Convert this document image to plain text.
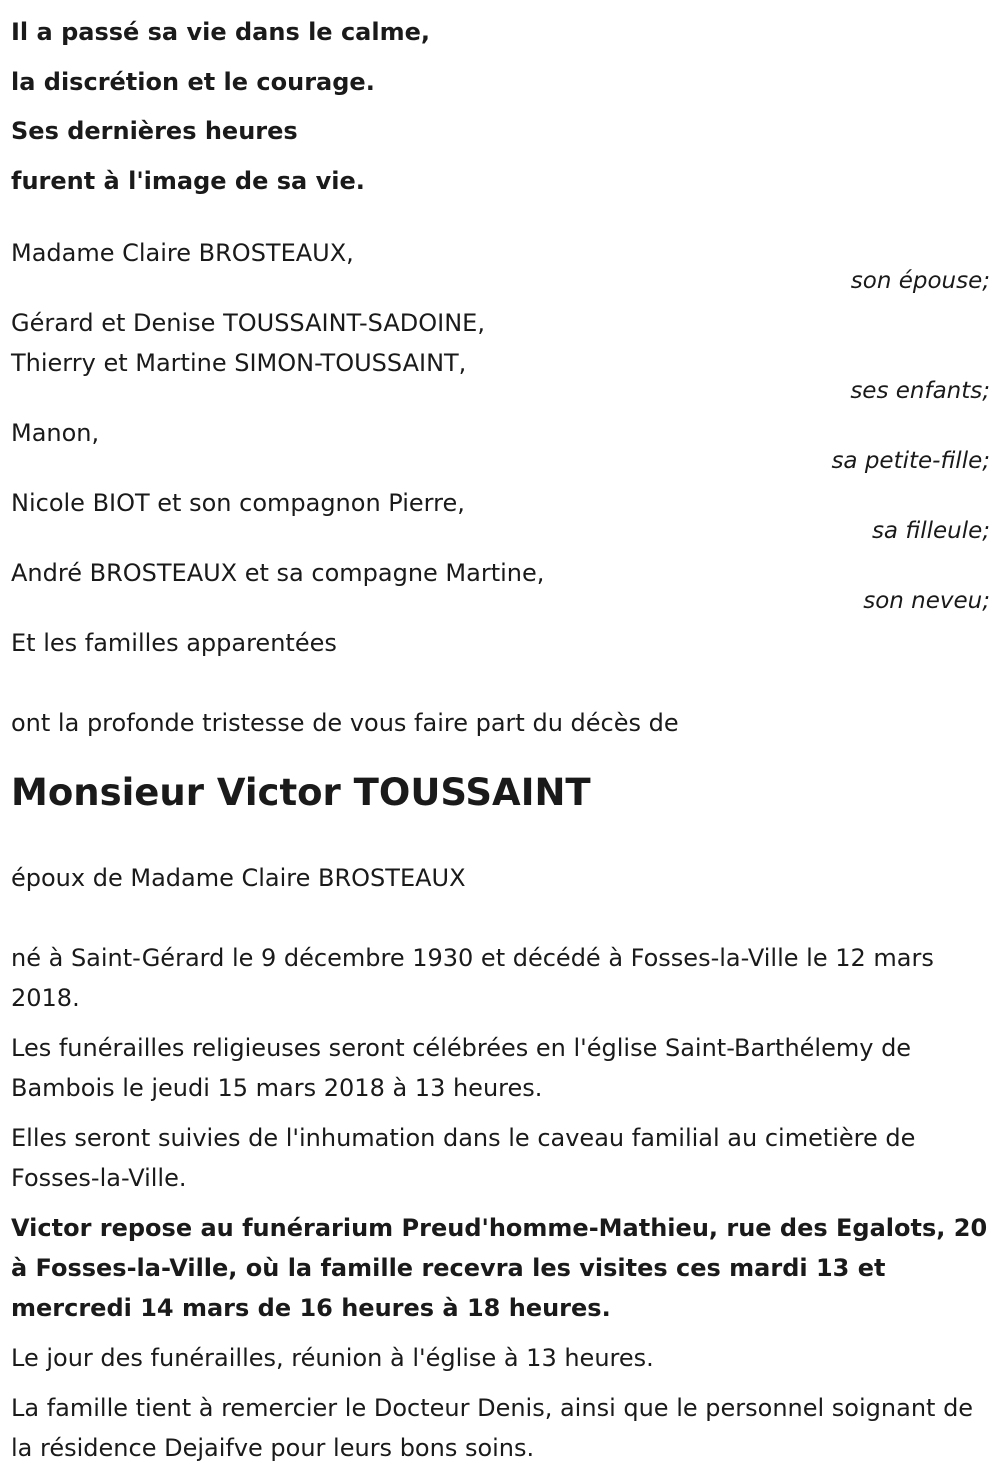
Il a passé sa vie dans le calme,
la discrétion et le courage.
Ses dernières heures
furent à l'image de sa vie.
Madame Claire BROSTEAUX,
son épouse;
Gérard et Denise TOUSSAINT-SADOINE,
Thierry et Martine SIMON-TOUSSAINT,
ses enfants;
Manon,
sa petite-fille;
Nicole BIOT et son compagnon Pierre,
sa filleule;
André BROSTEAUX et sa compagne Martine,
son neveu;
Et les familles apparentées
ont la profonde tristesse de vous faire part du décès de
Monsieur Victor TOUSSAINT
époux de Madame Claire BROSTEAUX

né à Saint-Gérard le 9 décembre 1930 et décédé à Fosses-la-Ville le 12 mars 2018.

Les funérailles religieuses seront célébrées en l'église Saint-Barthélemy de Bambois le jeudi 15 mars 2018 à 13 heures.

Elles seront suivies de l'inhumation dans le caveau familial au cimetière de Fosses-la-Ville.

Victor repose au funérarium Preud'homme-Mathieu, rue des Egalots, 20 à Fosses-la-Ville, où la famille recevra les visites ces mardi 13 et mercredi 14 mars de 16 heures à 18 heures.

Le jour des funérailles, réunion à l'église à 13 heures.

La famille tient à remercier le Docteur Denis, ainsi que le personnel soignant de la résidence Dejaifve pour leurs bons soins.
